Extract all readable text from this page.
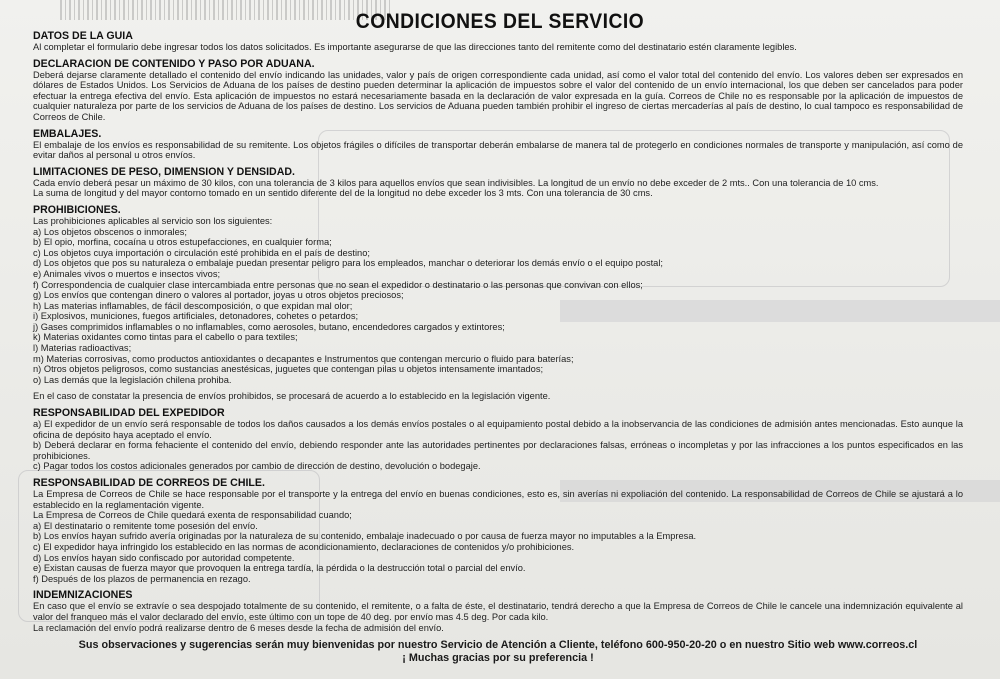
CONDICIONES DEL SERVICIO
DATOS DE LA GUIA
Al completar el formulario debe ingresar todos los datos solicitados. Es importante asegurarse de que las direcciones tanto del remitente como del destinatario estén claramente legibles.
DECLARACION DE CONTENIDO Y PASO POR ADUANA.
Deberá dejarse claramente detallado el contenido del envío indicando las unidades, valor y país de origen correspondiente cada unidad, así como el valor total del contenido del envío. Los valores deben ser expresados en dólares de Estados Unidos. Los Servicios de Aduana de los países de destino pueden determinar la aplicación de impuestos sobre el valor del contenido de un envío internacional, los que deben ser cancelados para poder efectuar la entrega efectiva del envío. Esta aplicación de impuestos no estará necesariamente basada en la declaración de valor expresada en la guía. Correos de Chile no es responsable por la aplicación de impuestos de cualquier naturaleza por parte de los servicios de Aduana de los países de destino. Los servicios de Aduana pueden también prohibir el ingreso de ciertas mercaderías al país de destino, lo cual tampoco es responsabilidad de Correos de Chile.
EMBALAJES.
El embalaje de los envíos es responsabilidad de su remitente. Los objetos frágiles o difíciles de transportar deberán embalarse de manera tal de protegerlo en condiciones normales de transporte y manipulación, así como de evitar daños al personal u otros envíos.
LIMITACIONES DE PESO, DIMENSION Y DENSIDAD.
Cada envío deberá pesar un máximo de 30 kilos, con una tolerancia de 3 kilos para aquellos envíos que sean indivisibles. La longitud de un envío no debe exceder de 2 mts.. Con una tolerancia de 10 cms.
La suma de longitud y del mayor contorno tomado en un sentido diferente del de la longitud no debe exceder los 3 mts. Con una tolerancia de 30 cms.
PROHIBICIONES.
Las prohibiciones aplicables al servicio son los siguientes:
a) Los objetos obscenos o inmorales;
b) El opio, morfina, cocaína u otros estupefacciones, en cualquier forma;
c) Los objetos cuya importación o circulación esté prohibida en el país de destino;
d) Los objetos que pos su naturaleza o embalaje puedan presentar peligro para los empleados, manchar o deteriorar los demás envío o el equipo postal;
e) Animales vivos o muertos e insectos vivos;
f) Correspondencia de cualquier clase intercambiada entre personas que no sean el expedidor o destinatario o las personas que convivan con ellos;
g) Los envíos que contengan dinero o valores al portador, joyas u otros objetos preciosos;
h) Las materias inflamables, de fácil descomposición, o que expidan mal olor;
i) Explosivos, municiones, fuegos artificiales, detonadores, cohetes o petardos;
j) Gases comprimidos inflamables o no inflamables, como aerosoles, butano, encendedores cargados y extintores;
k) Materias oxidantes como tintas para el cabello o para textiles;
l) Materias radioactivas;
m) Materias corrosivas, como productos antioxidantes o decapantes e Instrumentos que contengan mercurio o fluido para baterías;
n) Otros objetos peligrosos, como sustancias anestésicas, juguetes que contengan pilas u objetos intensamente imantados;
o) Las demás que la legislación chilena prohiba.
En el caso de constatar la presencia de envíos prohibidos, se procesará de acuerdo a lo establecido en la legislación vigente.
RESPONSABILIDAD DEL EXPEDIDOR
a) El expedidor de un envío será responsable de todos los daños causados a los demás envíos postales o al equipamiento postal debido a la inobservancia de las condiciones de admisión antes mencionadas. Esto aunque la oficina de depósito haya aceptado el envío.
b) Deberá declarar en forma fehaciente el contenido del envío, debiendo responder ante las autoridades pertinentes por declaraciones falsas, erróneas o incompletas y por las infracciones a los puntos especificados en las prohibiciones.
c) Pagar todos los costos adicionales generados por cambio de dirección de destino, devolución o bodegaje.
RESPONSABILIDAD DE CORREOS DE CHILE.
La Empresa de Correos de Chile se hace responsable por el transporte y la entrega del envío en buenas condiciones, esto es, sin averías ni expoliación del contenido. La responsabilidad de Correos de Chile se ajustará a lo establecido en la reglamentación vigente.
La Empresa de Correos de Chile quedará exenta de responsabilidad cuando;
a) El destinatario o remitente tome posesión del envío.
b) Los envíos hayan sufrido avería originadas por la naturaleza de su contenido, embalaje inadecuado o por causa de fuerza mayor no imputables a la Empresa.
c) El expedidor haya infringido los establecido en las normas de acondicionamiento, declaraciones de contenidos y/o prohibiciones.
d) Los envíos hayan sido confiscado por autoridad competente.
e) Existan causas de fuerza mayor que provoquen la entrega tardía, la pérdida o la destrucción total o parcial del envío.
f) Después de los plazos de permanencia en rezago.
INDEMNIZACIONES
En caso que el envío se extravíe o sea despojado totalmente de su contenido, el remitente, o a falta de éste, el destinatario, tendrá derecho a que la Empresa de Correos de Chile le cancele una indemnización equivalente al valor del franqueo más el valor declarado del envío, este último con un tope de 40 deg. por envío mas 4.5 deg. Por cada kilo.
La reclamación del envío podrá realizarse dentro de 6 meses desde la fecha de admisión del envío.
Sus observaciones y sugerencias serán muy bienvenidas por nuestro Servicio de Atención a Cliente, teléfono 600-950-20-20 o en nuestro Sitio web www.correos.cl
¡ Muchas gracias por su preferencia !
